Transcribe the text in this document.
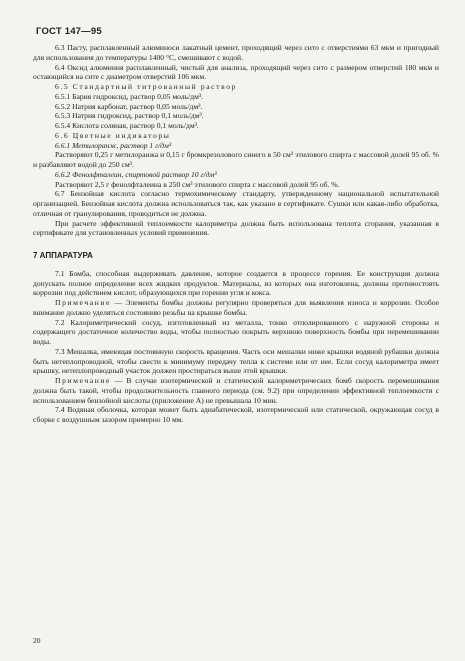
ГОСТ 147—95

6.3 Пасту, расплавленный алюминоси лакатный цемент, проходящий через сито с отверстиями 63 мкм и пригодный для использования до температуры 1400 °С, смешивают с водой.

6.4 Оксид алюминия расплавленный, чистый для анализа, проходящий через сито с размером отверстий 180 мкм и остающийся на сите с диаметром отверстий 106 мкм.

6.5 Стандартный титрованный раствор

6.5.1 Бария гидроксид, раствор 0,05 моль/дм³.

6.5.2 Натрия карбонат, раствор 0,05 моль/дм³.

6.5.3 Натрия гидроксид, раствор 0,1 моль/дм³.

6.5.4 Кислота соляная, раствор 0,1 моль/дм³.

6.6 Цветные индикаторы

6.6.1 Метилоранж, раствор 1 г/дм³

Растворяют 0,25 г метилоранжа и 0,15 г бромкрезолового синего в 50 см³ этилового спирта с массовой долей 95 об. % и разбавляют водой до 250 см³.

6.6.2 Фенолфталеин, спиртовой раствор 10 г/дм³

Растворяют 2,5 г фенолфталеина в 250 см³ этилового спирта с массовой долей 95 об. %.

6.7 Бензойная кислота согласно термохимическому стандарту, утвержденному национальной испытательной организацией. Бензойная кислота должна использоваться так, как указано в сертификате. Сушки или какая-либо обработка, отличная от гранулирования, проводиться не должна.

При расчете эффективной теплоемкости калориметра должна быть использована теплота сгорания, указанная в сертификате для установленных условий применения.

7 АППАРАТУРА

7.1 Бомба, способная выдерживать давление, которое создается в процессе горения. Ее конструкция должна допускать полное определение всех жидких продуктов. Материалы, из которых она изготовлена, должны противостоять коррозии под действием кислот, образующихся при горении угля и кокса.

Примечание — Элементы бомбы должны регулярно проверяться для выявления износа и коррозии. Особое внимание должно уделяться состоянию резьбы на крышке бомбы.

7.2 Калориметрический сосуд, изготовленный из металла, тонко отполированного с наружной стороны и содержащего достаточное количество воды, чтобы полностью покрыть верхнюю поверхность бомбы при перемешивании воды.

7.3 Мешалка, имеющая постоянную скорость вращения. Часть оси мешалки ниже крышки водяной рубашки должна быть нетеплопроводной, чтобы свести к минимуму передачу тепла к системе или от нее. Если сосуд калориметра имеет крышку, нетеплопроводный участок должен простираться выше этой крышки.

Примечание — В случае изотермической и статической калориметрических бомб скорость перемешивания должна быть такой, чтобы продолжительность главного периода (см. 9.2) при определении эффективной теплоемкости с использованием бензойной кислоты (приложение А) не превышала 10 мин.

7.4 Водяная оболочка, которая может быть адиабатической, изотермической или статической, окружающая сосуд в сборке с воздушным зазором примерно 10 мм.

20
